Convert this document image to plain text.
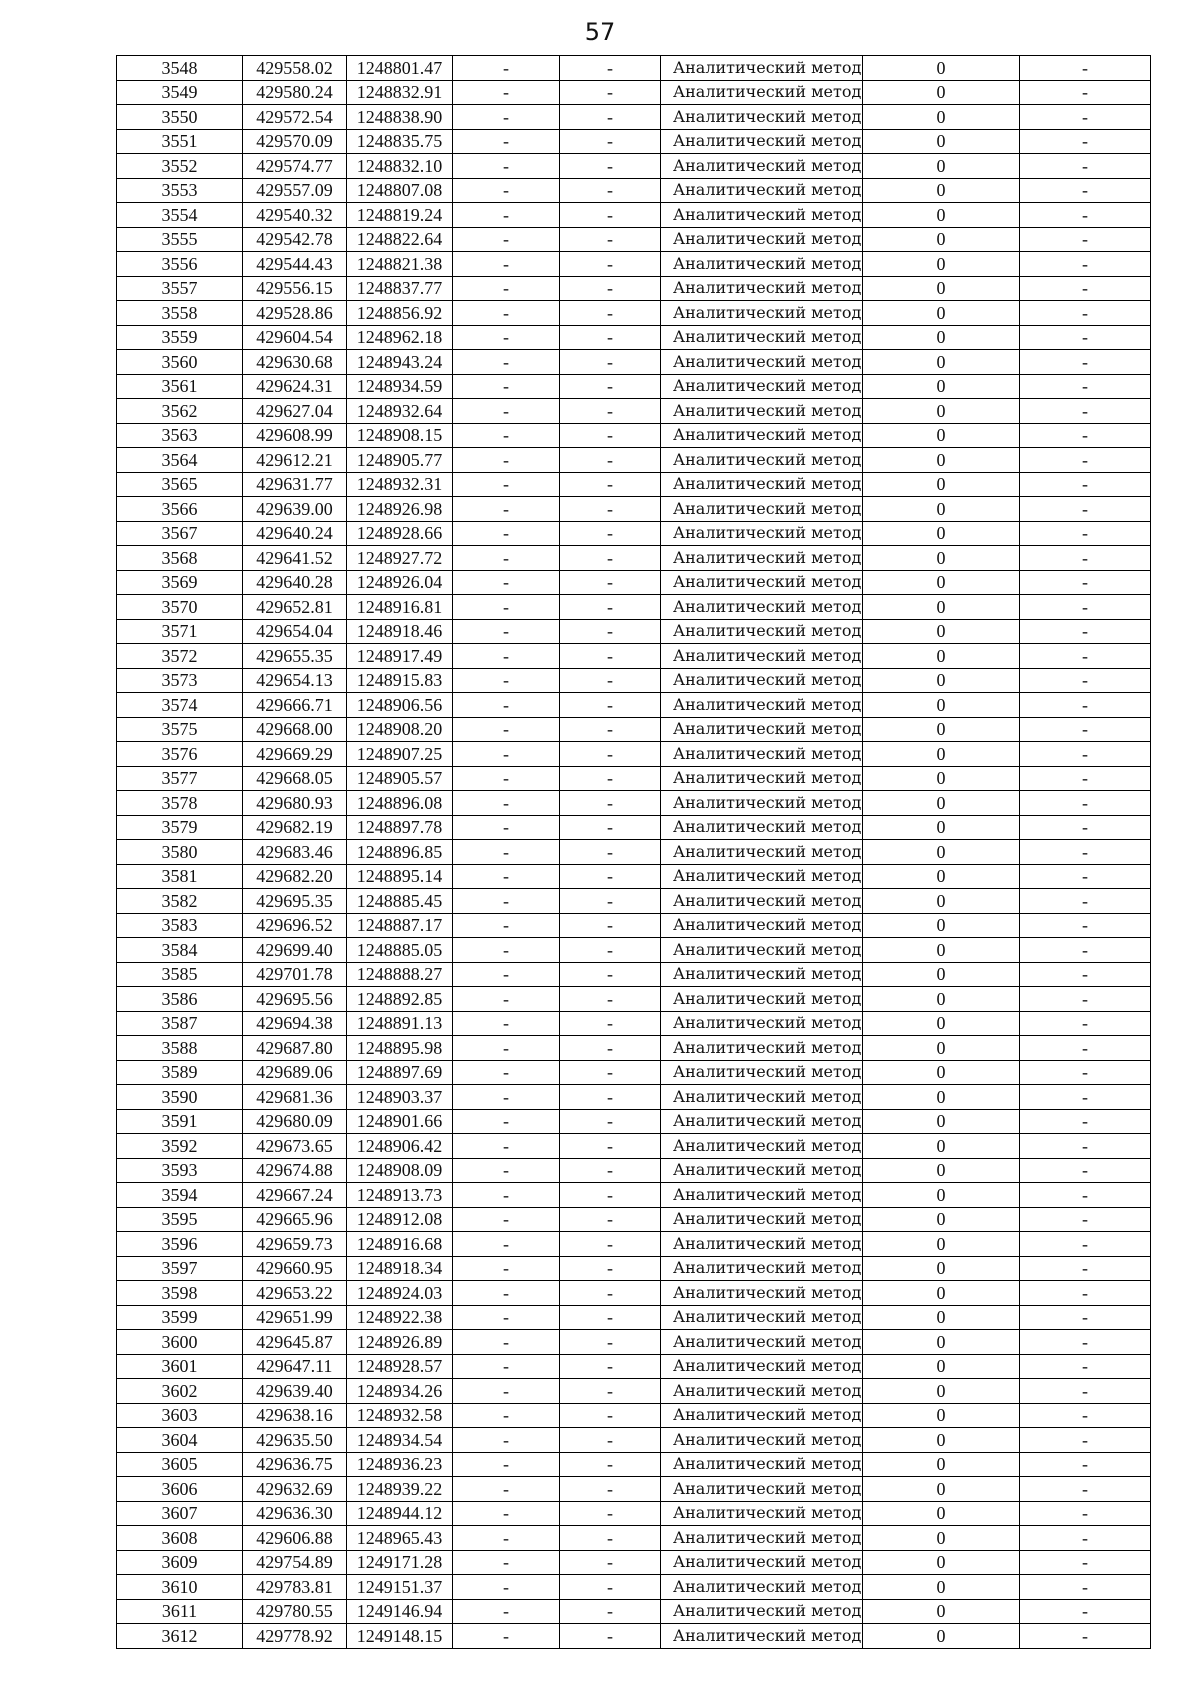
57
3548	429558.02	1248801.47	-	-	Аналитический метод	0	-
3549	429580.24	1248832.91	-	-	Аналитический метод	0	-
3550	429572.54	1248838.90	-	-	Аналитический метод	0	-
3551	429570.09	1248835.75	-	-	Аналитический метод	0	-
3552	429574.77	1248832.10	-	-	Аналитический метод	0	-
3553	429557.09	1248807.08	-	-	Аналитический метод	0	-
3554	429540.32	1248819.24	-	-	Аналитический метод	0	-
3555	429542.78	1248822.64	-	-	Аналитический метод	0	-
3556	429544.43	1248821.38	-	-	Аналитический метод	0	-
3557	429556.15	1248837.77	-	-	Аналитический метод	0	-
3558	429528.86	1248856.92	-	-	Аналитический метод	0	-
3559	429604.54	1248962.18	-	-	Аналитический метод	0	-
3560	429630.68	1248943.24	-	-	Аналитический метод	0	-
3561	429624.31	1248934.59	-	-	Аналитический метод	0	-
3562	429627.04	1248932.64	-	-	Аналитический метод	0	-
3563	429608.99	1248908.15	-	-	Аналитический метод	0	-
3564	429612.21	1248905.77	-	-	Аналитический метод	0	-
3565	429631.77	1248932.31	-	-	Аналитический метод	0	-
3566	429639.00	1248926.98	-	-	Аналитический метод	0	-
3567	429640.24	1248928.66	-	-	Аналитический метод	0	-
3568	429641.52	1248927.72	-	-	Аналитический метод	0	-
3569	429640.28	1248926.04	-	-	Аналитический метод	0	-
3570	429652.81	1248916.81	-	-	Аналитический метод	0	-
3571	429654.04	1248918.46	-	-	Аналитический метод	0	-
3572	429655.35	1248917.49	-	-	Аналитический метод	0	-
3573	429654.13	1248915.83	-	-	Аналитический метод	0	-
3574	429666.71	1248906.56	-	-	Аналитический метод	0	-
3575	429668.00	1248908.20	-	-	Аналитический метод	0	-
3576	429669.29	1248907.25	-	-	Аналитический метод	0	-
3577	429668.05	1248905.57	-	-	Аналитический метод	0	-
3578	429680.93	1248896.08	-	-	Аналитический метод	0	-
3579	429682.19	1248897.78	-	-	Аналитический метод	0	-
3580	429683.46	1248896.85	-	-	Аналитический метод	0	-
3581	429682.20	1248895.14	-	-	Аналитический метод	0	-
3582	429695.35	1248885.45	-	-	Аналитический метод	0	-
3583	429696.52	1248887.17	-	-	Аналитический метод	0	-
3584	429699.40	1248885.05	-	-	Аналитический метод	0	-
3585	429701.78	1248888.27	-	-	Аналитический метод	0	-
3586	429695.56	1248892.85	-	-	Аналитический метод	0	-
3587	429694.38	1248891.13	-	-	Аналитический метод	0	-
3588	429687.80	1248895.98	-	-	Аналитический метод	0	-
3589	429689.06	1248897.69	-	-	Аналитический метод	0	-
3590	429681.36	1248903.37	-	-	Аналитический метод	0	-
3591	429680.09	1248901.66	-	-	Аналитический метод	0	-
3592	429673.65	1248906.42	-	-	Аналитический метод	0	-
3593	429674.88	1248908.09	-	-	Аналитический метод	0	-
3594	429667.24	1248913.73	-	-	Аналитический метод	0	-
3595	429665.96	1248912.08	-	-	Аналитический метод	0	-
3596	429659.73	1248916.68	-	-	Аналитический метод	0	-
3597	429660.95	1248918.34	-	-	Аналитический метод	0	-
3598	429653.22	1248924.03	-	-	Аналитический метод	0	-
3599	429651.99	1248922.38	-	-	Аналитический метод	0	-
3600	429645.87	1248926.89	-	-	Аналитический метод	0	-
3601	429647.11	1248928.57	-	-	Аналитический метод	0	-
3602	429639.40	1248934.26	-	-	Аналитический метод	0	-
3603	429638.16	1248932.58	-	-	Аналитический метод	0	-
3604	429635.50	1248934.54	-	-	Аналитический метод	0	-
3605	429636.75	1248936.23	-	-	Аналитический метод	0	-
3606	429632.69	1248939.22	-	-	Аналитический метод	0	-
3607	429636.30	1248944.12	-	-	Аналитический метод	0	-
3608	429606.88	1248965.43	-	-	Аналитический метод	0	-
3609	429754.89	1249171.28	-	-	Аналитический метод	0	-
3610	429783.81	1249151.37	-	-	Аналитический метод	0	-
3611	429780.55	1249146.94	-	-	Аналитический метод	0	-
3612	429778.92	1249148.15	-	-	Аналитический метод	0	-
